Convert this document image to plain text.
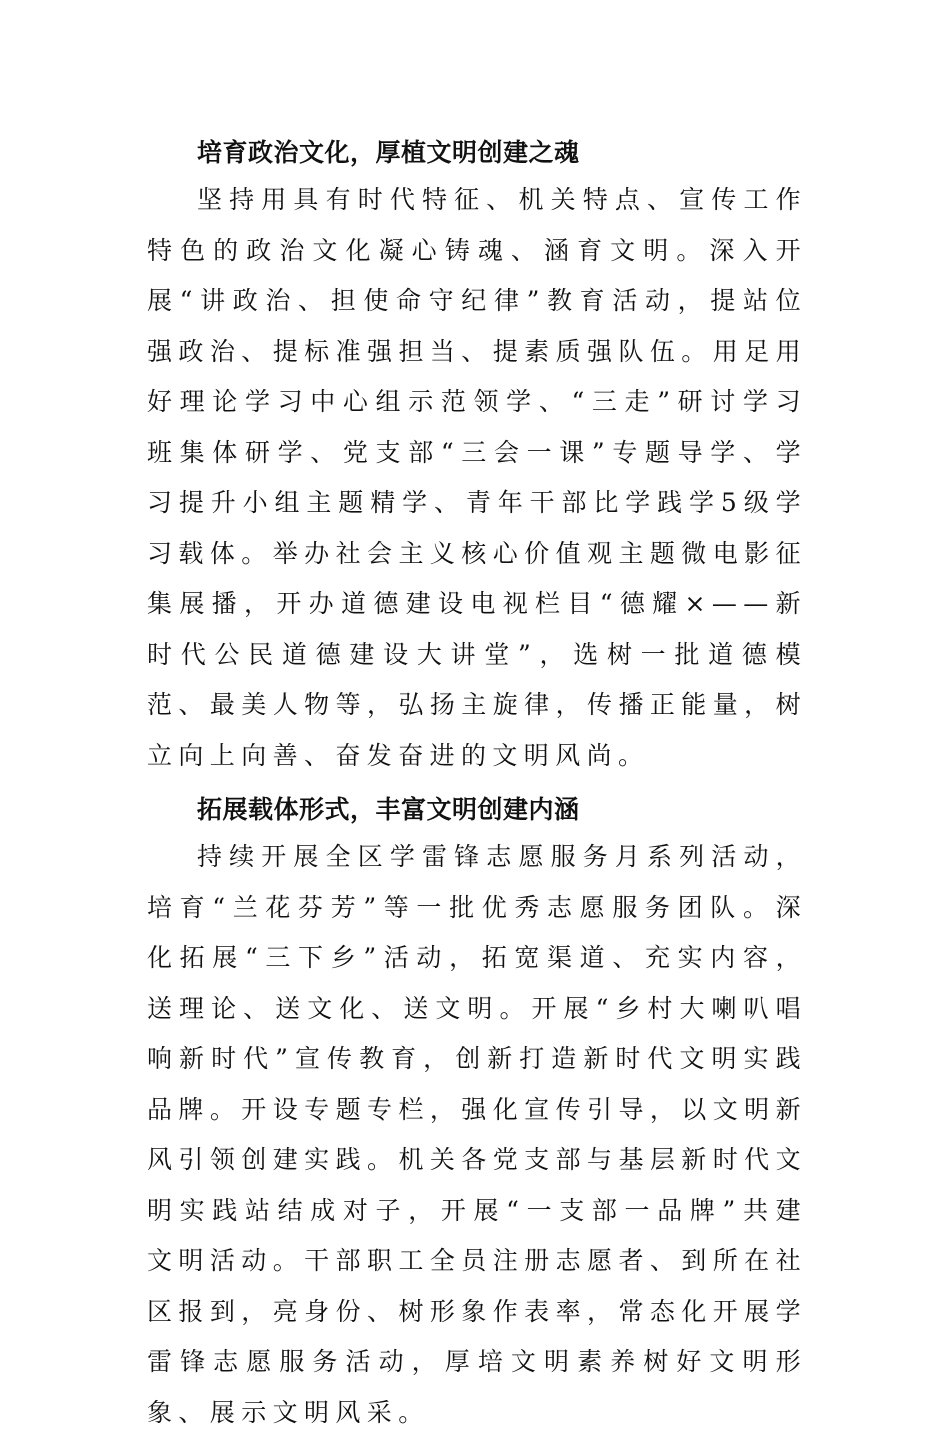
培育政治文化，厚植文明创建之魂

坚持用具有时代特征、机关特点、宣传工作特色的政治文化凝心铸魂、涵育文明。深入开展“讲政治、担使命守纪律”教育活动，提站位强政治、提标准强担当、提素质强队伍。用足用好理论学习中心组示范领学、“三走”研讨学习班集体研学、党支部“三会一课”专题导学、学习提升小组主题精学、青年干部比学践学5级学习载体。举办社会主义核心价值观主题微电影征集展播，开办道德建设电视栏目“德耀×——新时代公民道德建设大讲堂”，选树一批道德模范、最美人物等，弘扬主旋律，传播正能量，树立向上向善、奋发奋进的文明风尚。

拓展载体形式，丰富文明创建内涵

持续开展全区学雷锋志愿服务月系列活动，培育“兰花芬芳”等一批优秀志愿服务团队。深化拓展“三下乡”活动，拓宽渠道、充实内容，送理论、送文化、送文明。开展“乡村大喇叭唱响新时代”宣传教育，创新打造新时代文明实践品牌。开设专题专栏，强化宣传引导，以文明新风引领创建实践。机关各党支部与基层新时代文明实践站结成对子，开展“一支部一品牌”共建文明活动。干部职工全员注册志愿者、到所在社区报到，亮身份、树形象作表率，常态化开展学雷锋志愿服务活动，厚培文明素养树好文明形象、展示文明风采。
